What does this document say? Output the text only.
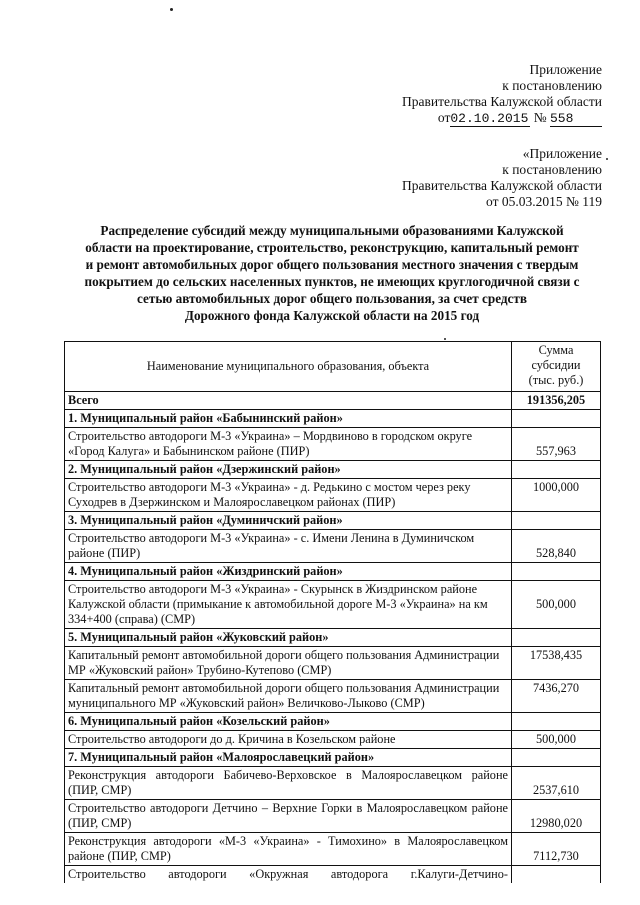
Приложение
к постановлению
Правительства Калужской области
от02.10.2015 № 558
«Приложение
к постановлению
Правительства Калужской области
от 05.03.2015 № 119
Распределение субсидий между муниципальными образованиями Калужской
области на проектирование, строительство, реконструкцию, капитальный ремонт
и ремонт автомобильных дорог общего пользования местного значения с твердым
покрытием до сельских населенных пунктов, не имеющих круглогодичной связи с
сетью автомобильных дорог общего пользования, за счет средств
Дорожного фонда Калужской области на 2015 год
Наименование муниципального образования, объекта	Сумма
субсидии
(тыс. руб.)

Всего	191356,205
1. Муниципальный район «Бабынинский район»	
Строительство автодороги М-3 «Украина» – Мордвиново в городском округе «Город Калуга» и Бабынинском районе (ПИР)	557,963
2. Муниципальный район «Дзержинский район»	
Строительство автодороги М-3 «Украина» - д. Редькино с мостом через реку Суходрев в Дзержинском и Малоярославецком районах (ПИР)	1000,000
3. Муниципальный район «Думиничский район»	
Строительство автодороги М-3 «Украина» - с. Имени Ленина в Думиничском районе (ПИР)	528,840
4. Муниципальный район «Жиздринский район»	
Строительство автодороги М-3 «Украина» - Скурынск в Жиздринском районе Калужской области (примыкание к автомобильной дороге М-3 «Украина» на км 334+400 (справа) (СМР)	500,000
5. Муниципальный район «Жуковский район»	
Капитальный ремонт автомобильной дороги общего пользования Администрации МР «Жуковский район» Трубино-Кутепово (СМР)	17538,435
Капитальный ремонт автомобильной дороги общего пользования Администрации муниципального МР «Жуковский район» Величково-Лыково (СМР)	7436,270
6. Муниципальный район «Козельский район»	
Строительство автодороги до д. Кричина в Козельском районе	500,000
7. Муниципальный район «Малоярославецкий район»	
Реконструкция автодороги Бабичево-Верховское в Малоярославецком районе (ПИР, СМР)	2537,610
Строительство автодороги Детчино – Верхние Горки в Малоярославецком районе (ПИР, СМР)	12980,020
Реконструкция автодороги «М-3 «Украина» - Тимохино» в Малоярославецком районе (ПИР, СМР)	7112,730
Строительство автодороги «Окружная автодорога г.Калуги-Детчино-	
